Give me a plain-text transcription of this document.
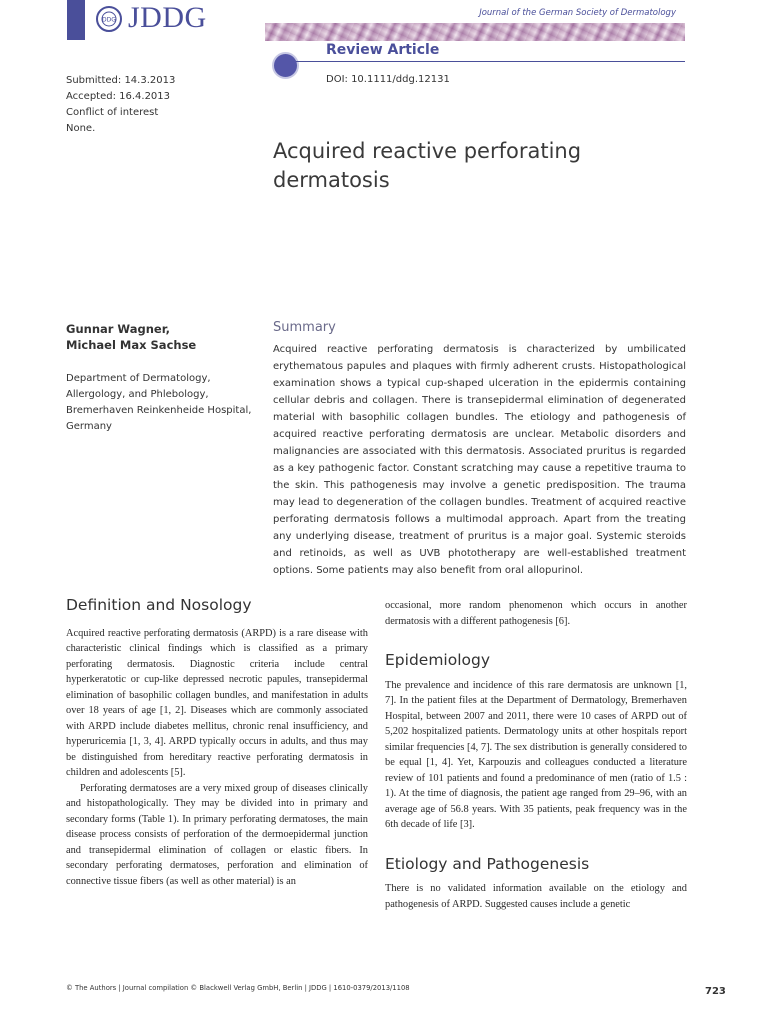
DDG JDDG	Journal of the German Society of Dermatology
Review Article
DOI: 10.1111/ddg.12131
Submitted: 14.3.2013
Accepted: 16.4.2013
Conflict of interest
None.
Acquired reactive perforating dermatosis
Gunnar Wagner,
Michael Max Sachse
Department of Dermatology, Allergology, and Phlebology, Bremerhaven Reinkenheide Hospital, Germany
Summary
Acquired reactive perforating dermatosis is characterized by umbilicated erythematous papules and plaques with firmly adherent crusts. Histopathological examination shows a typical cup-shaped ulceration in the epidermis containing cellular debris and collagen. There is transepidermal elimination of degenerated material with basophilic collagen bundles. The etiology and pathogenesis of acquired reactive perforating dermatosis are unclear. Metabolic disorders and malignancies are associated with this dermatosis. Associated pruritus is regarded as a key pathogenic factor. Constant scratching may cause a repetitive trauma to the skin. This pathogenesis may involve a genetic predisposition. The trauma may lead to degeneration of the collagen bundles. Treatment of acquired reactive perforating dermatosis follows a multimodal approach. Apart from the treating any underlying disease, treatment of pruritus is a major goal. Systemic steroids and retinoids, as well as UVB phototherapy are well-established treatment options. Some patients may also benefit from oral allopurinol.
Definition and Nosology

Acquired reactive perforating dermatosis (ARPD) is a rare disease with characteristic clinical findings which is classified as a primary perforating dermatosis. Diagnostic criteria include central hyperkeratotic or cup-like depressed necrotic papules, transepidermal elimination of basophilic collagen bundles, and manifestation in adults over 18 years of age [1, 2]. Diseases which are commonly associated with ARPD include diabetes mellitus, chronic renal insufficiency, and hyperuricemia [1, 3, 4]. ARPD typically occurs in adults, and thus may be distinguished from hereditary reactive perforating dermatosis in children and adolescents [5].

Perforating dermatoses are a very mixed group of diseases clinically and histopathologically. They may be divided into in primary and secondary forms (Table 1). In primary perforating dermatoses, the main disease process consists of perforation of the dermoepidermal junction and transepidermal elimination of collagen or elastic fibers. In secondary perforating dermatoses, perforation and elimination of connective tissue fibers (as well as other material) is an

occasional, more random phenomenon which occurs in another dermatosis with a different pathogenesis [6].

Epidemiology

The prevalence and incidence of this rare dermatosis are unknown [1, 7]. In the patient files at the Department of Dermatology, Bremerhaven Hospital, between 2007 and 2011, there were 10 cases of ARPD out of 5,202 hospitalized patients. Dermatology units at other hospitals report similar frequencies [4, 7]. The sex distribution is generally considered to be equal [1, 4]. Yet, Karpouzis and colleagues conducted a literature review of 101 patients and found a predominance of men (ratio of 1.5 : 1). At the time of diagnosis, the patient age ranged from 29–96, with an average age of 56.8 years. With 35 patients, peak frequency was in the 6th decade of life [3].

Etiology and Pathogenesis

There is no validated information available on the etiology and pathogenesis of ARPD. Suggested causes include a genetic

© The Authors | Journal compilation © Blackwell Verlag GmbH, Berlin | JDDG | 1610-0379/2013/1108	723
